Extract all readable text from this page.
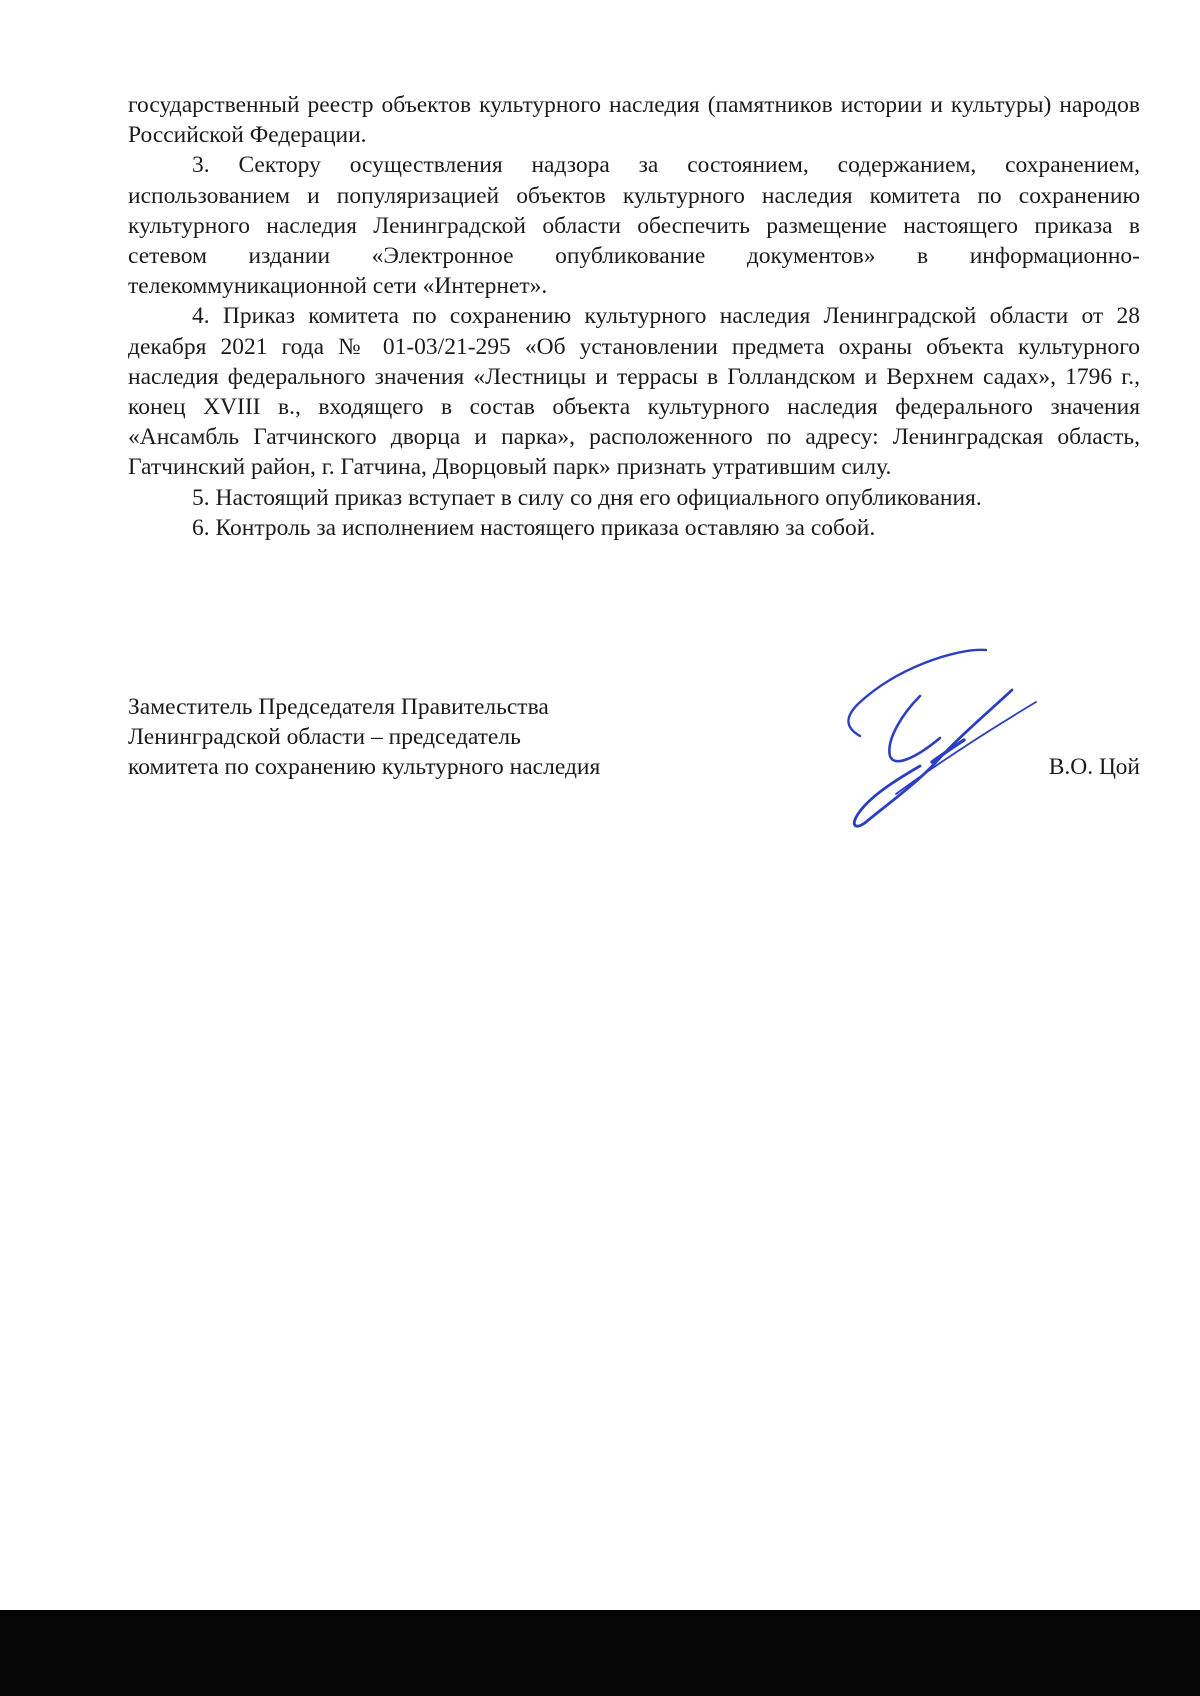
государственный реестр объектов культурного наследия (памятников истории и культуры) народов Российской Федерации.

3. Сектору осуществления надзора за состоянием, содержанием, сохранением, использованием и популяризацией объектов культурного наследия комитета по сохранению культурного наследия Ленинградской области обеспечить размещение настоящего приказа в сетевом издании «Электронное опубликование документов» в информационно-телекоммуникационной сети «Интернет».

4. Приказ комитета по сохранению культурного наследия Ленинградской области от 28 декабря 2021 года № 01-03/21-295 «Об установлении предмета охраны объекта культурного наследия федерального значения «Лестницы и террасы в Голландском и Верхнем садах», 1796 г., конец XVIII в., входящего в состав объекта культурного наследия федерального значения «Ансамбль Гатчинского дворца и парка», расположенного по адресу: Ленинградская область, Гатчинский район, г. Гатчина, Дворцовый парк» признать утратившим силу.

5. Настоящий приказ вступает в силу со дня его официального опубликования.

6. Контроль за исполнением настоящего приказа оставляю за собой.

Заместитель Председателя Правительства
Ленинградской области – председатель
комитета по сохранению культурного наследия	В.О. Цой
